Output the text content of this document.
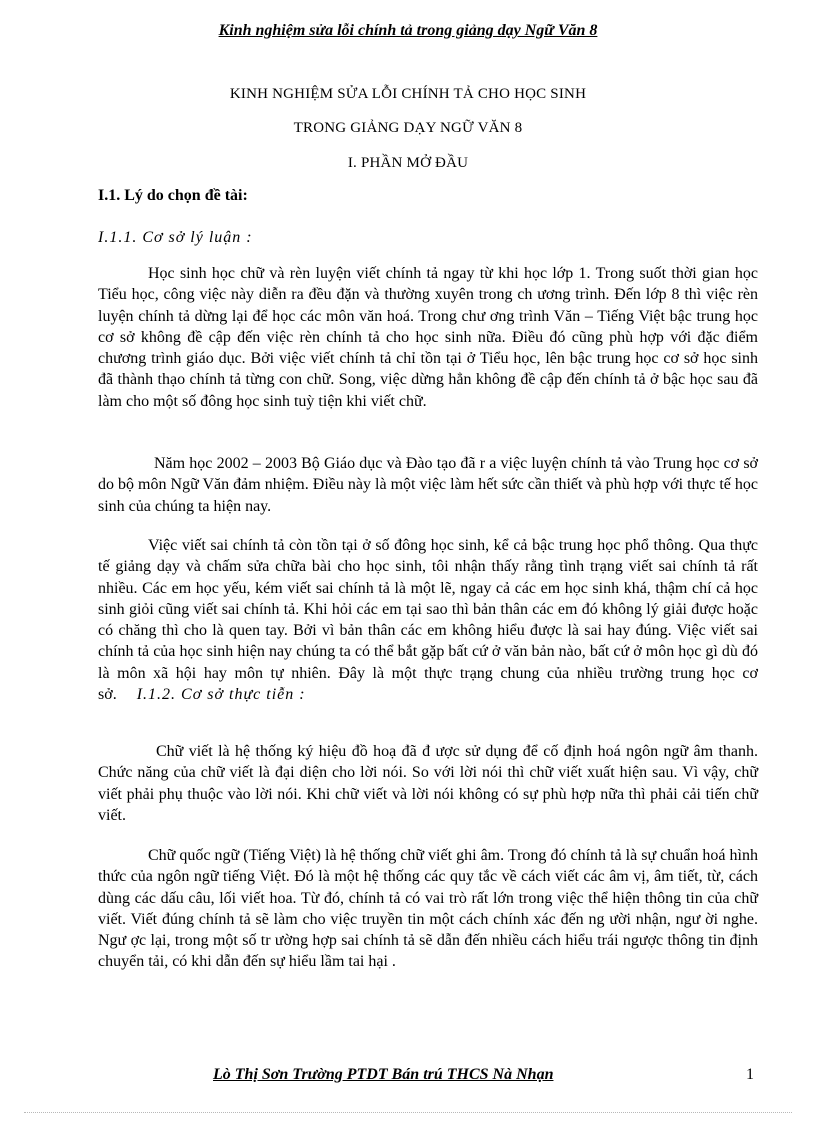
Kinh nghiệm sửa lỗi chính tả trong giảng dạy Ngữ Văn 8
KINH NGHIỆM SỬA LỖI CHÍNH TẢ CHO HỌC SINH
TRONG GIẢNG DẠY NGỮ VĂN 8
I. PHẦN MỞ ĐẦU
I.1. Lý do chọn đề tài:
I.1.1. Cơ sở lý luận :

Học sinh học chữ và rèn luyện viết chính tả ngay từ khi học lớp 1. Trong suốt thời gian học Tiểu học, công việc này diễn ra đều đặn và thường xuyên trong ch ương trình. Đến lớp 8 thì việc rèn luyện chính tả dừng lại để học các môn văn hoá. Trong chư ơng trình Văn – Tiếng Việt bậc trung học cơ sở không đề cập đến việc rèn chính tả cho học sinh nữa. Điều đó cũng phù hợp với đặc điểm chương trình giáo dục. Bởi việc viết chính tả chỉ tồn tại ở Tiểu học, lên bậc trung học cơ sở học sinh đã thành thạo chính tả từng con chữ. Song, việc dừng hẳn không đề cập đến chính tả ở bậc học sau đã làm cho một số đông học sinh tuỳ tiện khi viết chữ.

Năm học 2002 – 2003 Bộ Giáo dục và Đào tạo đã r a việc luyện chính tả vào Trung học cơ sở do bộ môn Ngữ Văn đảm nhiệm. Điều này là một việc làm hết sức cần thiết và phù hợp với thực tế học sinh của chúng ta hiện nay.

Việc viết sai chính tả còn tồn tại ở số đông học sinh, kể cả bậc trung học phổ thông. Qua thực tế giảng dạy và chấm sửa chữa bài cho học sinh, tôi nhận thấy rằng tình trạng viết sai chính tả rất nhiều. Các em học yếu, kém viết sai chính tả là một lẽ, ngay cả các em học sinh khá, thậm chí cả học sinh giỏi cũng viết sai chính tả. Khi hỏi các em tại sao thì bản thân các em đó không lý giải được hoặc có chăng thì cho là quen tay. Bởi vì bản thân các em không hiểu được là sai hay đúng. Việc viết sai chính tả của học sinh hiện nay chúng ta có thể bắt gặp bất cứ ở văn bản nào, bất cứ ở môn học gì dù đó là môn xã hội hay môn tự nhiên. Đây là một thực trạng chung của nhiều trường trung học cơ sở. I.1.2. Cơ sở thực tiễn :

Chữ viết là hệ thống ký hiệu đồ hoạ đã đ ược sử dụng để cố định hoá ngôn ngữ âm thanh. Chức năng của chữ viết là đại diện cho lời nói. So với lời nói thì chữ viết xuất hiện sau. Vì vậy, chữ viết phải phụ thuộc vào lời nói. Khi chữ viết và lời nói không có sự phù hợp nữa thì phải cải tiến chữ viết.

Chữ quốc ngữ (Tiếng Việt) là hệ thống chữ viết ghi âm. Trong đó chính tả là sự chuẩn hoá hình thức của ngôn ngữ tiếng Việt. Đó là một hệ thống các quy tắc về cách viết các âm vị, âm tiết, từ, cách dùng các dấu câu, lối viết hoa. Từ đó, chính tả có vai trò rất lớn trong việc thể hiện thông tin của chữ viết. Viết đúng chính tả sẽ làm cho việc truyền tin một cách chính xác đến ng ười nhận, ngư ời nghe. Ngư ợc lại, trong một số tr ường hợp sai chính tả sẽ dẫn đến nhiều cách hiểu trái ngược thông tin định chuyển tải, có khi dẫn đến sự hiểu lầm tai hại .

Lò Thị Sơn Trường PTDT Bán trú THCS Nà Nhạn	1
